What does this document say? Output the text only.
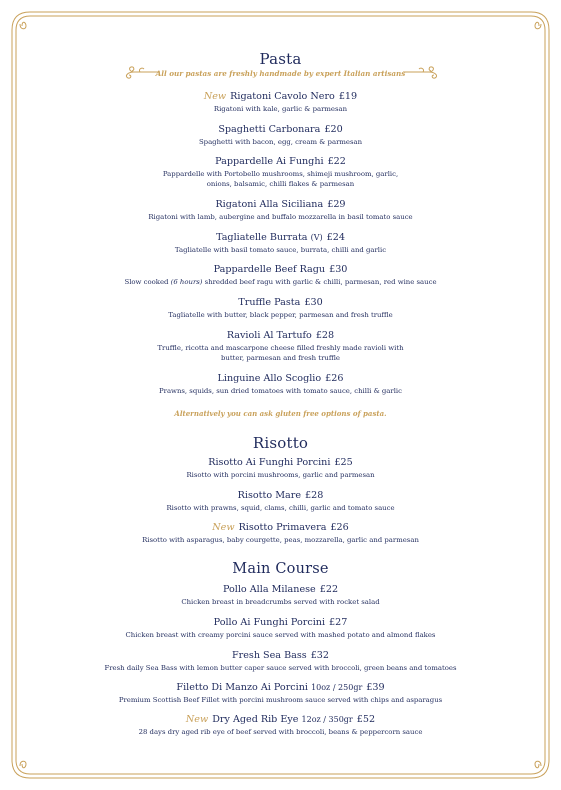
Pasta
All our pastas are freshly handmade by expert Italian artisans
New Rigatoni Cavolo Nero £19
Rigatoni with kale, garlic & parmesan
Spaghetti Carbonara £20
Spaghetti with bacon, egg, cream & parmesan
Pappardelle Ai Funghi £22
Pappardelle with Portobello mushrooms, shimeji mushroom, garlic, onions, balsamic, chilli flakes & parmesan
Rigatoni Alla Siciliana £29
Rigatoni with lamb, aubergine and buffalo mozzarella in basil tomato sauce
Tagliatelle Burrata (V) £24
Tagliatelle with basil tomato sauce, burrata, chilli and garlic
Pappardelle Beef Ragu £30
Slow cooked (6 hours) shredded beef ragu with garlic & chilli, parmesan, red wine sauce
Truffle Pasta £30
Tagliatelle with butter, black pepper, parmesan and fresh truffle
Ravioli Al Tartufo £28
Truffle, ricotta and mascarpone cheese filled freshly made ravioli with butter, parmesan and fresh truffle
Linguine Allo Scoglio £26
Prawns, squids, sun dried tomatoes with tomato sauce, chilli & garlic
Alternatively you can ask gluten free options of pasta.
Risotto
Risotto Ai Funghi Porcini £25
Risotto with porcini mushrooms, garlic and parmesan
Risotto Mare £28
Risotto with prawns, squid, clams, chilli, garlic and tomato sauce
New Risotto Primavera £26
Risotto with asparagus, baby courgette, peas, mozzarella, garlic and parmesan
Main Course
Pollo Alla Milanese £22
Chicken breast in breadcrumbs served with rocket salad
Pollo Ai Funghi Porcini £27
Chicken breast with creamy porcini sauce served with mashed potato and almond flakes
Fresh Sea Bass £32
Fresh daily Sea Bass with lemon butter caper sauce served with broccoli, green beans and tomatoes
Filetto Di Manzo Ai Porcini 10oz / 250gr £39
Premium Scottish Beef Fillet with porcini mushroom sauce served with chips and asparagus
New Dry Aged Rib Eye 12oz / 350gr £52
28 days dry aged rib eye of beef served with broccoli, beans & peppercorn sauce
